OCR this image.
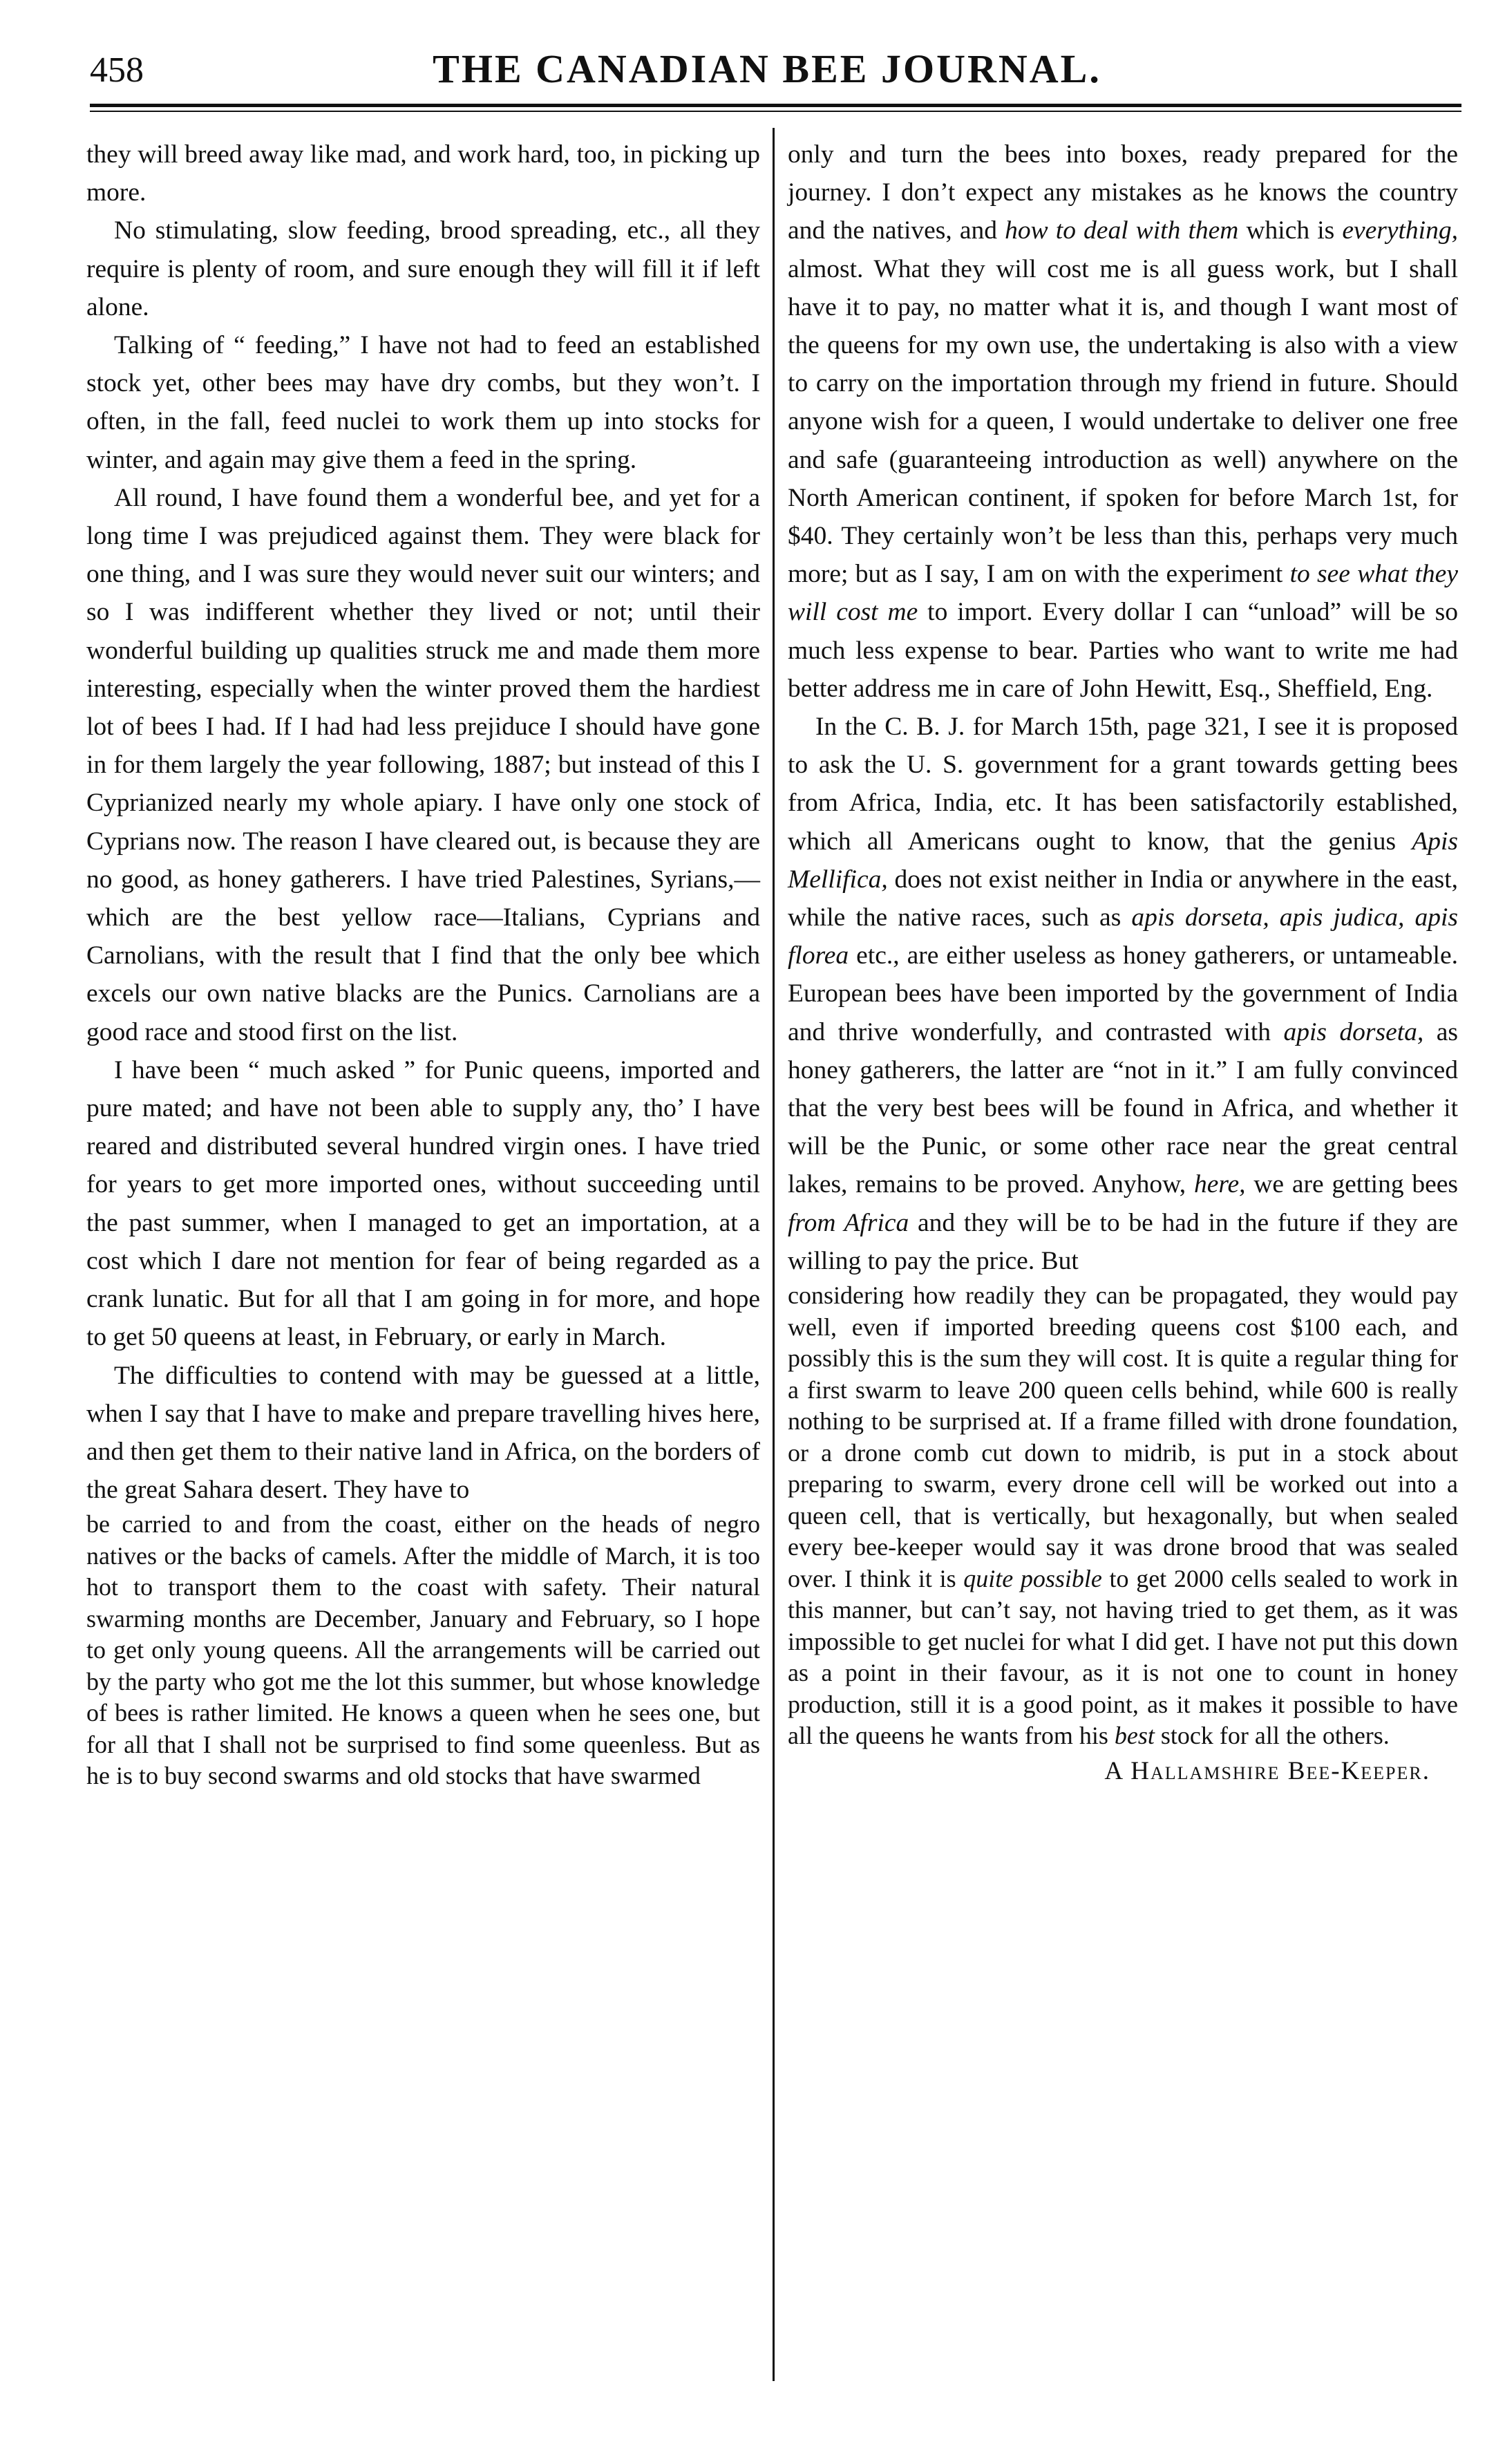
458	THE CANADIAN BEE JOURNAL.

they will breed away like mad, and work hard, too, in picking up more.

No stimulating, slow feeding, brood spreading, etc., all they require is plenty of room, and sure enough they will fill it if left alone.

Talking of “ feeding,” I have not had to feed an established stock yet, other bees may have dry combs, but they won’t. I often, in the fall, feed nuclei to work them up into stocks for winter, and again may give them a feed in the spring.

All round, I have found them a wonderful bee, and yet for a long time I was prejudiced against them. They were black for one thing, and I was sure they would never suit our winters; and so I was indifferent whether they lived or not; until their wonderful building up qualities struck me and made them more interesting, especially when the winter proved them the hardiest lot of bees I had. If I had had less prejiduce I should have gone in for them largely the year following, 1887; but instead of this I Cyprianized nearly my whole apiary. I have only one stock of Cyprians now. The reason I have cleared out, is because they are no good, as honey gatherers. I have tried Palestines, Syrians,—which are the best yellow race—Italians, Cyprians and Carnolians, with the result that I find that the only bee which excels our own native blacks are the Punics. Carnolians are a good race and stood first on the list.

I have been “ much asked ” for Punic queens, imported and pure mated; and have not been able to supply any, tho’ I have reared and distributed several hundred virgin ones. I have tried for years to get more imported ones, without succeeding until the past summer, when I managed to get an importation, at a cost which I dare not mention for fear of being regarded as a crank lunatic. But for all that I am going in for more, and hope to get 50 queens at least, in February, or early in March.

The difficulties to contend with may be guessed at a little, when I say that I have to make and prepare travelling hives here, and then get them to their native land in Africa, on the borders of the great Sahara desert. They have to

be carried to and from the coast, either on the heads of negro natives or the backs of camels. After the middle of March, it is too hot to transport them to the coast with safety. Their natural swarming months are December, January and February, so I hope to get only young queens. All the arrangements will be carried out by the party who got me the lot this summer, but whose knowledge of bees is rather limited. He knows a queen when he sees one, but for all that I shall not be surprised to find some queenless. But as he is to buy second swarms and old stocks that have swarmed

only and turn the bees into boxes, ready prepared for the journey. I don’t expect any mistakes as he knows the country and the natives, and how to deal with them which is everything, almost. What they will cost me is all guess work, but I shall have it to pay, no matter what it is, and though I want most of the queens for my own use, the undertaking is also with a view to carry on the importation through my friend in future. Should anyone wish for a queen, I would undertake to deliver one free and safe (guaranteeing introduction as well) anywhere on the North American continent, if spoken for before March 1st, for $40. They certainly won’t be less than this, perhaps very much more; but as I say, I am on with the experiment to see what they will cost me to import. Every dollar I can “unload” will be so much less expense to bear. Parties who want to write me had better address me in care of John Hewitt, Esq., Sheffield, Eng.

In the C. B. J. for March 15th, page 321, I see it is proposed to ask the U. S. government for a grant towards getting bees from Africa, India, etc. It has been satisfactorily established, which all Americans ought to know, that the genius Apis Mellifica, does not exist neither in India or anywhere in the east, while the native races, such as apis dorseta, apis judica, apis florea etc., are either useless as honey gatherers, or untameable. European bees have been imported by the government of India and thrive wonderfully, and contrasted with apis dorseta, as honey gatherers, the latter are “not in it.” I am fully convinced that the very best bees will be found in Africa, and whether it will be the Punic, or some other race near the great central lakes, remains to be proved. Anyhow, here, we are getting bees from Africa and they will be to be had in the future if they are willing to pay the price. But

considering how readily they can be propagated, they would pay well, even if imported breeding queens cost $100 each, and possibly this is the sum they will cost. It is quite a regular thing for a first swarm to leave 200 queen cells behind, while 600 is really nothing to be surprised at. If a frame filled with drone foundation, or a drone comb cut down to midrib, is put in a stock about preparing to swarm, every drone cell will be worked out into a queen cell, that is vertically, but hexagonally, but when sealed every bee-keeper would say it was drone brood that was sealed over. I think it is quite possible to get 2000 cells sealed to work in this manner, but can’t say, not having tried to get them, as it was impossible to get nuclei for what I did get. I have not put this down as a point in their favour, as it is not one to count in honey production, still it is a good point, as it makes it possible to have all the queens he wants from his best stock for all the others.

A Hallamshire Bee-Keeper.
